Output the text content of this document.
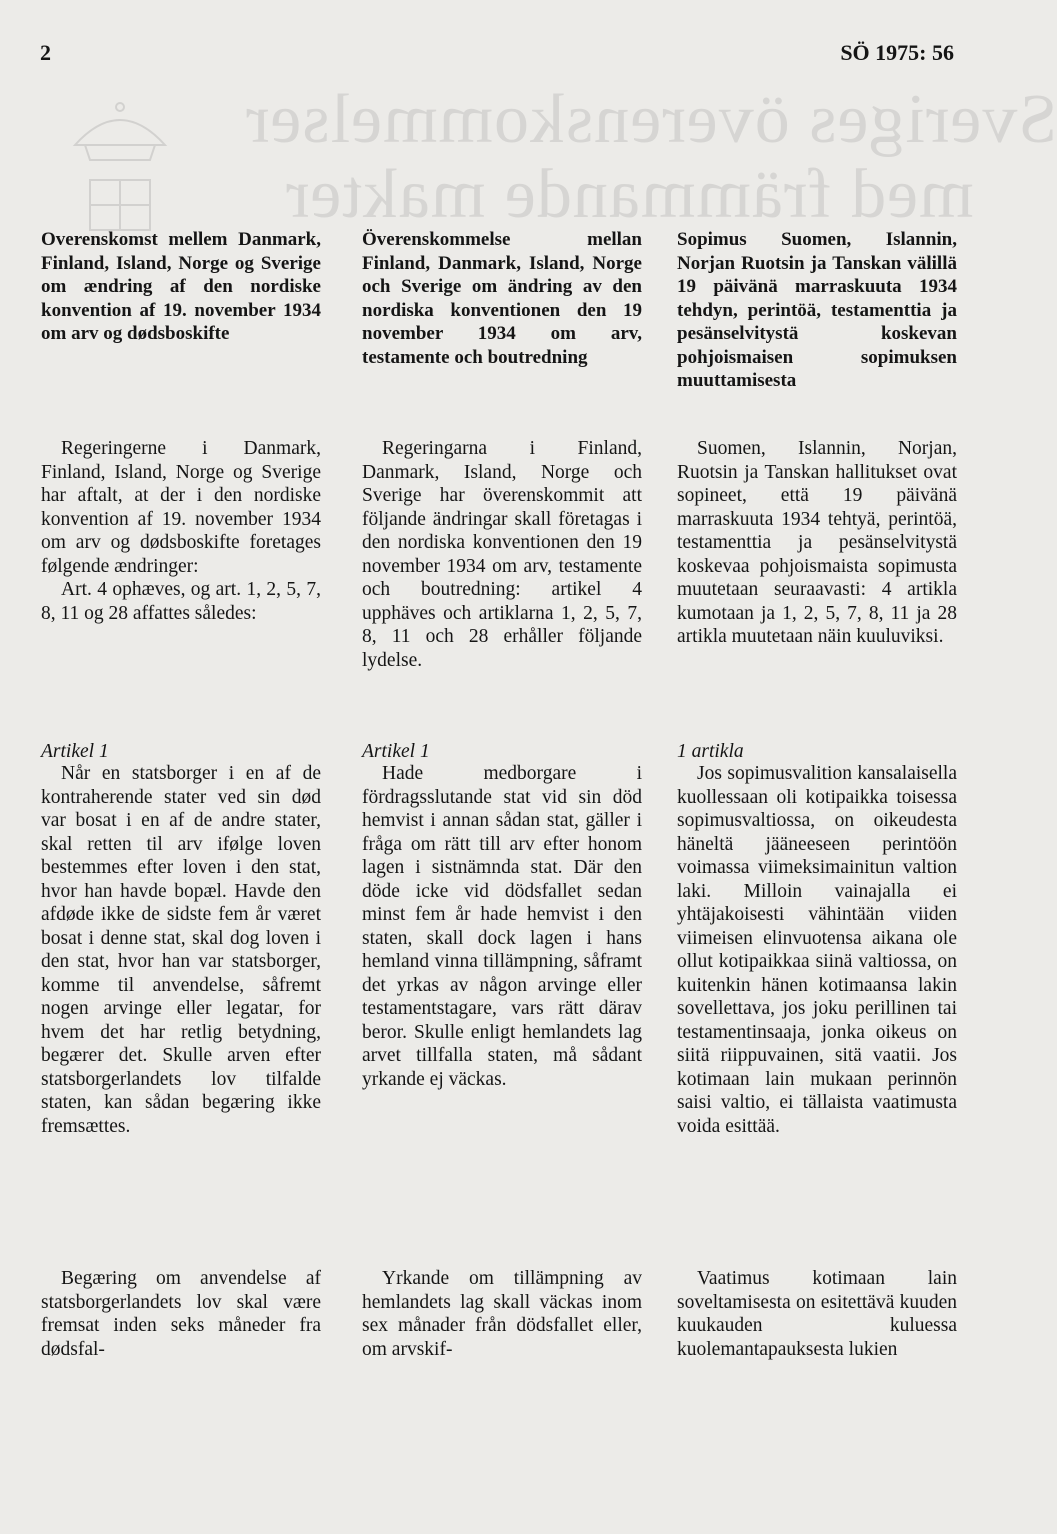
2	SÖ 1975: 56
Sveriges överenskommelser
med främmande makter
Overenskomst mellem Danmark, Finland, Island, Norge og Sverige om ændring af den nordiske konvention af 19. november 1934 om arv og dødsboskifte

Regeringerne i Danmark, Finland, Island, Norge og Sverige har aftalt, at der i den nordiske konvention af 19. november 1934 om arv og dødsboskifte foretages følgende ændringer:

Art. 4 ophæves, og art. 1, 2, 5, 7, 8, 11 og 28 affattes således:

Artikel 1
Når en statsborger i en af de kontraherende stater ved sin død var bosat i en af de andre stater, skal retten til arv ifølge loven bestemmes efter loven i den stat, hvor han havde bopæl. Havde den afdøde ikke de sidste fem år været bosat i denne stat, skal dog loven i den stat, hvor han var statsborger, komme til anvendelse, såfremt nogen arvinge eller legatar, for hvem det har retlig betydning, begærer det. Skulle arven efter statsborgerlandets lov tilfalde staten, kan sådan begæring ikke fremsættes.
Begæring om anvendelse af statsborgerlandets lov skal være fremsat inden seks måneder fra dødsfal-
Överenskommelse mellan Finland, Danmark, Island, Norge och Sverige om ändring av den nordiska konventionen den 19 november 1934 om arv, testamente och boutredning

Regeringarna i Finland, Danmark, Island, Norge och Sverige har överenskommit att följande ändringar skall företagas i den nordiska konventionen den 19 november 1934 om arv, testamente och boutredning: artikel 4 upphäves och artiklarna 1, 2, 5, 7, 8, 11 och 28 erhåller följande lydelse.

Artikel 1
Hade medborgare i fördragsslutande stat vid sin död hemvist i annan sådan stat, gäller i fråga om rätt till arv efter honom lagen i sistnämnda stat. Där den döde icke vid dödsfallet sedan minst fem år hade hemvist i den staten, skall dock lagen i hans hemland vinna tillämpning, såframt det yrkas av någon arvinge eller testamentstagare, vars rätt därav beror. Skulle enligt hemlandets lag arvet tillfalla staten, må sådant yrkande ej väckas.
Yrkande om tillämpning av hemlandets lag skall väckas inom sex månader från dödsfallet eller, om arvskif-
Sopimus Suomen, Islannin, Norjan Ruotsin ja Tanskan välillä 19 päivänä marraskuuta 1934 tehdyn, perintöä, testamenttia ja pesänselvitystä koskevan pohjoismaisen sopimuksen muuttamisesta

Suomen, Islannin, Norjan, Ruotsin ja Tanskan hallitukset ovat sopineet, että 19 päivänä marraskuuta 1934 tehtyä, perintöä, testamenttia ja pesänselvitystä koskevaa pohjoismaista sopimusta muutetaan seuraavasti: 4 artikla kumotaan ja 1, 2, 5, 7, 8, 11 ja 28 artikla muutetaan näin kuuluviksi.

1 artikla
Jos sopimusvalition kansalaisella kuollessaan oli kotipaikka toisessa sopimusvaltiossa, on oikeudesta häneltä jääneeseen perintöön voimassa viimeksimainitun valtion laki. Milloin vainajalla ei yhtäjakoisesti vähintään viiden viimeisen elinvuotensa aikana ole ollut kotipaikkaa siinä valtiossa, on kuitenkin hänen kotimaansa lakin sovellettava, jos joku perillinen tai testamentinsaaja, jonka oikeus on siitä riippuvainen, sitä vaatii. Jos kotimaan lain mukaan perinnön saisi valtio, ei tällaista vaatimusta voida esittää.
Vaatimus kotimaan lain soveltamisesta on esitettävä kuuden kuukauden kuluessa kuolemantapauksesta lukien
